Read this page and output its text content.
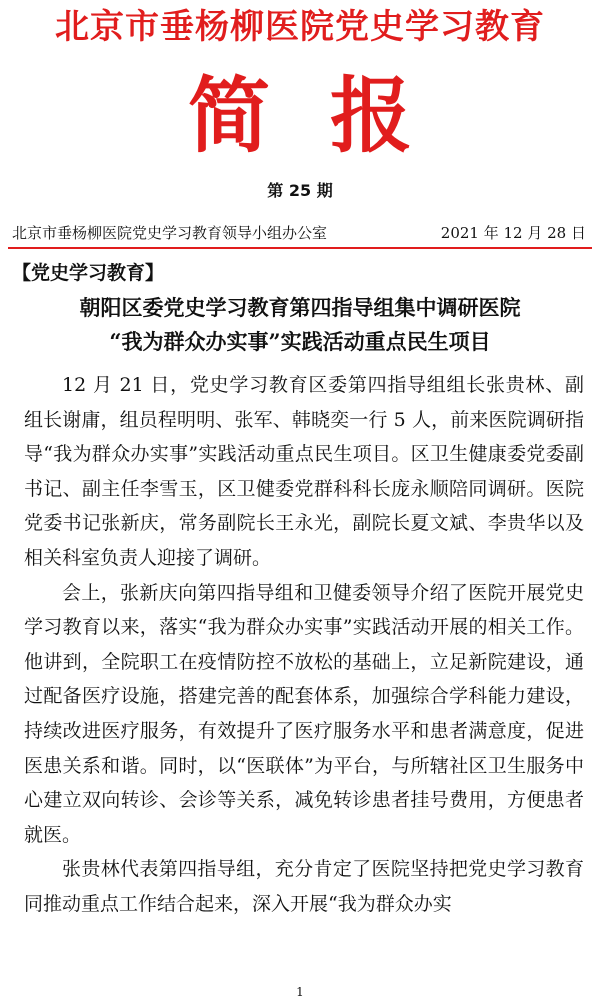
北京市垂杨柳医院党史学习教育
简报
第 25 期
北京市垂杨柳医院党史学习教育领导小组办公室	2021 年 12 月 28 日
【党史学习教育】
朝阳区委党史学习教育第四指导组集中调研医院
“我为群众办实事”实践活动重点民生项目

12 月 21 日，党史学习教育区委第四指导组组长张贵林、副组长谢庸，组员程明明、张军、韩晓奕一行 5 人，前来医院调研指导“我为群众办实事”实践活动重点民生项目。区卫生健康委党委副书记、副主任李雪玉，区卫健委党群科科长庞永顺陪同调研。医院党委书记张新庆，常务副院长王永光，副院长夏文斌、李贵华以及相关科室负责人迎接了调研。

会上，张新庆向第四指导组和卫健委领导介绍了医院开展党史学习教育以来，落实“我为群众办实事”实践活动开展的相关工作。他讲到，全院职工在疫情防控不放松的基础上，立足新院建设，通过配备医疗设施，搭建完善的配套体系，加强综合学科能力建设，持续改进医疗服务，有效提升了医疗服务水平和患者满意度，促进医患关系和谐。同时，以“医联体”为平台，与所辖社区卫生服务中心建立双向转诊、会诊等关系，减免转诊患者挂号费用，方便患者就医。

张贵林代表第四指导组，充分肯定了医院坚持把党史学习教育同推动重点工作结合起来，深入开展“我为群众办实

1
